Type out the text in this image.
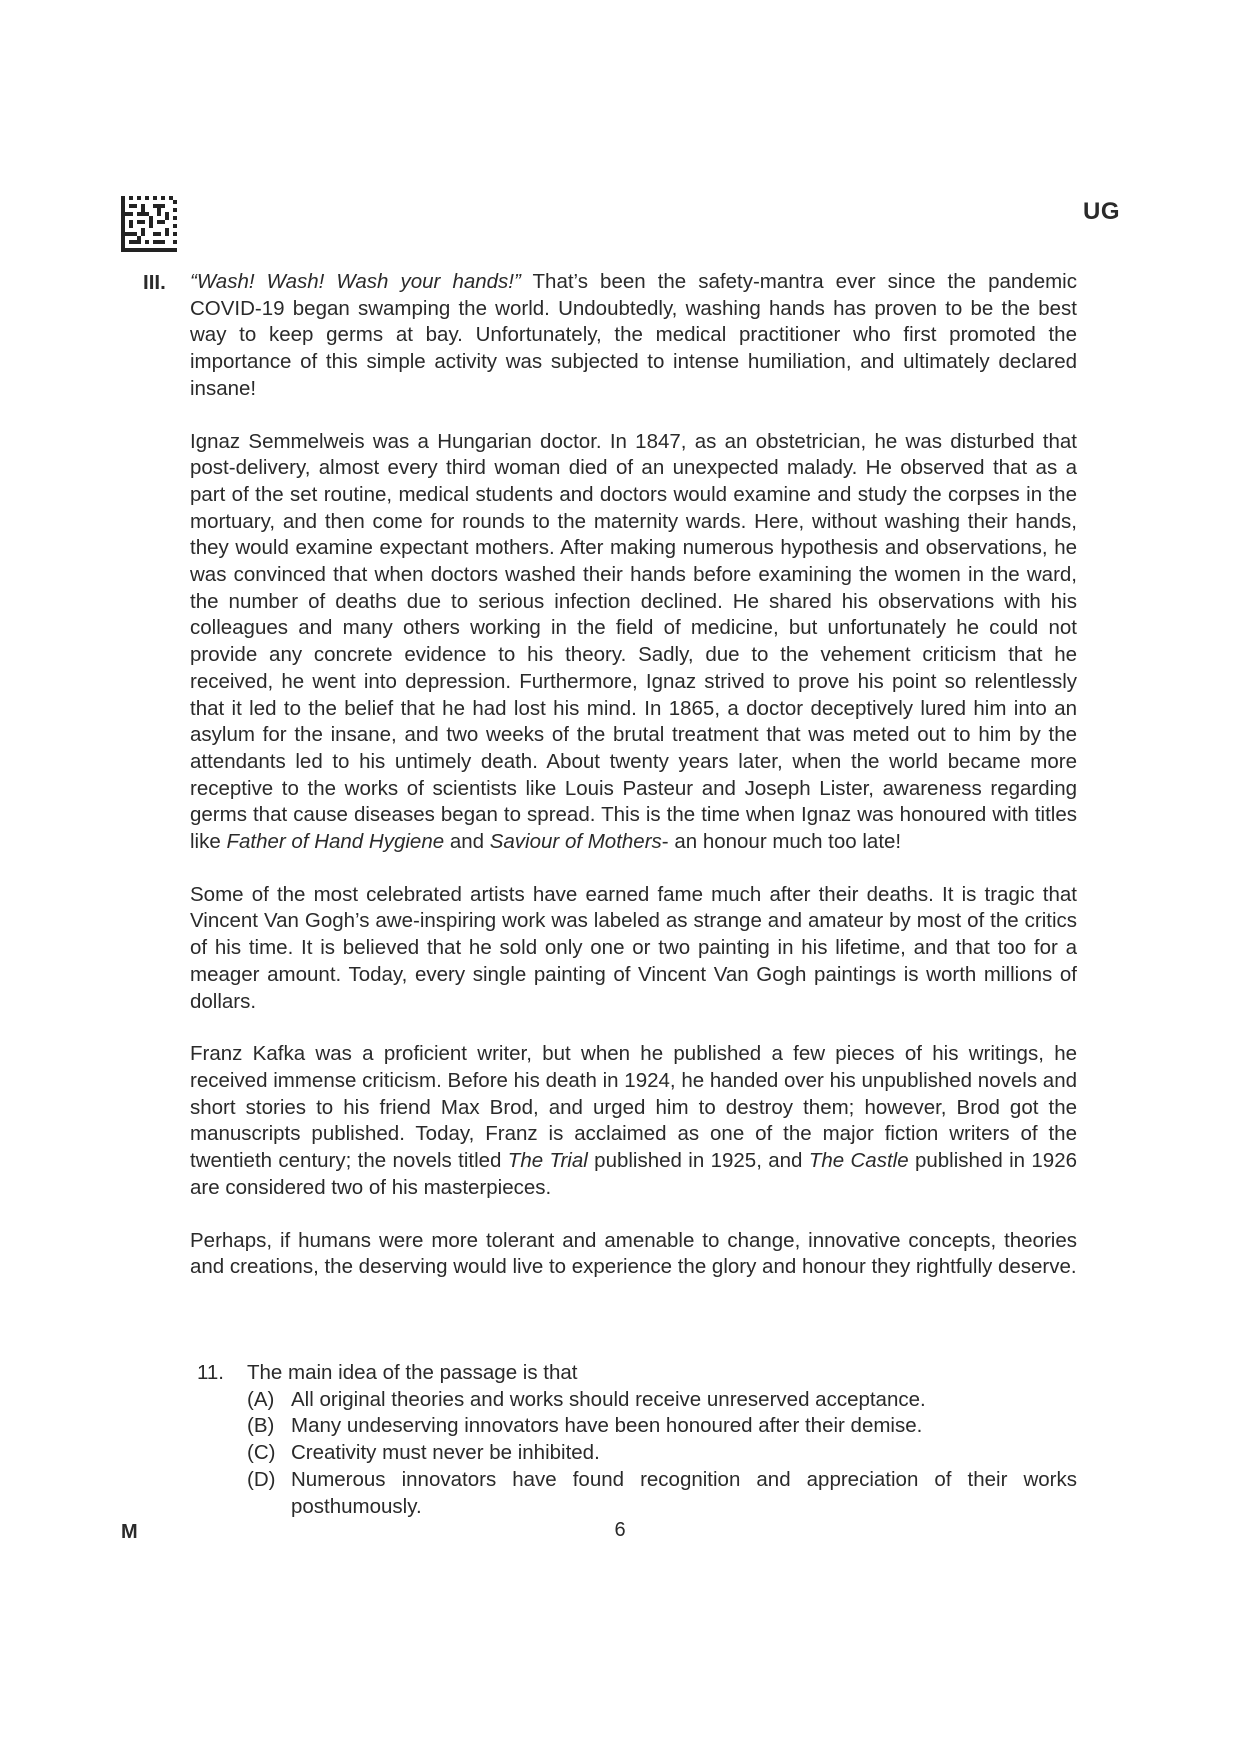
UG
III. “Wash! Wash! Wash your hands!” That’s been the safety-mantra ever since the pandemic COVID-19 began swamping the world. Undoubtedly, washing hands has proven to be the best way to keep germs at bay. Unfortunately, the medical practitioner who first promoted the importance of this simple activity was subjected to intense humiliation, and ultimately declared insane!

Ignaz Semmelweis was a Hungarian doctor. In 1847, as an obstetrician, he was disturbed that post-delivery, almost every third woman died of an unexpected malady. He observed that as a part of the set routine, medical students and doctors would examine and study the corpses in the mortuary, and then come for rounds to the maternity wards. Here, without washing their hands, they would examine expectant mothers. After making numerous hypothesis and observations, he was convinced that when doctors washed their hands before examining the women in the ward, the number of deaths due to serious infection declined. He shared his observations with his colleagues and many others working in the field of medicine, but unfortunately he could not provide any concrete evidence to his theory. Sadly, due to the vehement criticism that he received, he went into depression. Furthermore, Ignaz strived to prove his point so relentlessly that it led to the belief that he had lost his mind. In 1865, a doctor deceptively lured him into an asylum for the insane, and two weeks of the brutal treatment that was meted out to him by the attendants led to his untimely death. About twenty years later, when the world became more receptive to the works of scientists like Louis Pasteur and Joseph Lister, awareness regarding germs that cause diseases began to spread. This is the time when Ignaz was honoured with titles like Father of Hand Hygiene and Saviour of Mothers- an honour much too late!

Some of the most celebrated artists have earned fame much after their deaths. It is tragic that Vincent Van Gogh’s awe-inspiring work was labeled as strange and amateur by most of the critics of his time. It is believed that he sold only one or two painting in his lifetime, and that too for a meager amount. Today, every single painting of Vincent Van Gogh paintings is worth millions of dollars.

Franz Kafka was a proficient writer, but when he published a few pieces of his writings, he received immense criticism. Before his death in 1924, he handed over his unpublished novels and short stories to his friend Max Brod, and urged him to destroy them; however, Brod got the manuscripts published. Today, Franz is acclaimed as one of the major fiction writers of the twentieth century; the novels titled The Trial published in 1925, and The Castle published in 1926 are considered two of his masterpieces.

Perhaps, if humans were more tolerant and amenable to change, innovative concepts, theories and creations, the deserving would live to experience the glory and honour they rightfully deserve.

11.	The main idea of the passage is that
(A) All original theories and works should receive unreserved acceptance.
(B) Many undeserving innovators have been honoured after their demise.
(C) Creativity must never be inhibited.
(D) Numerous innovators have found recognition and appreciation of their works posthumously.
M	6
